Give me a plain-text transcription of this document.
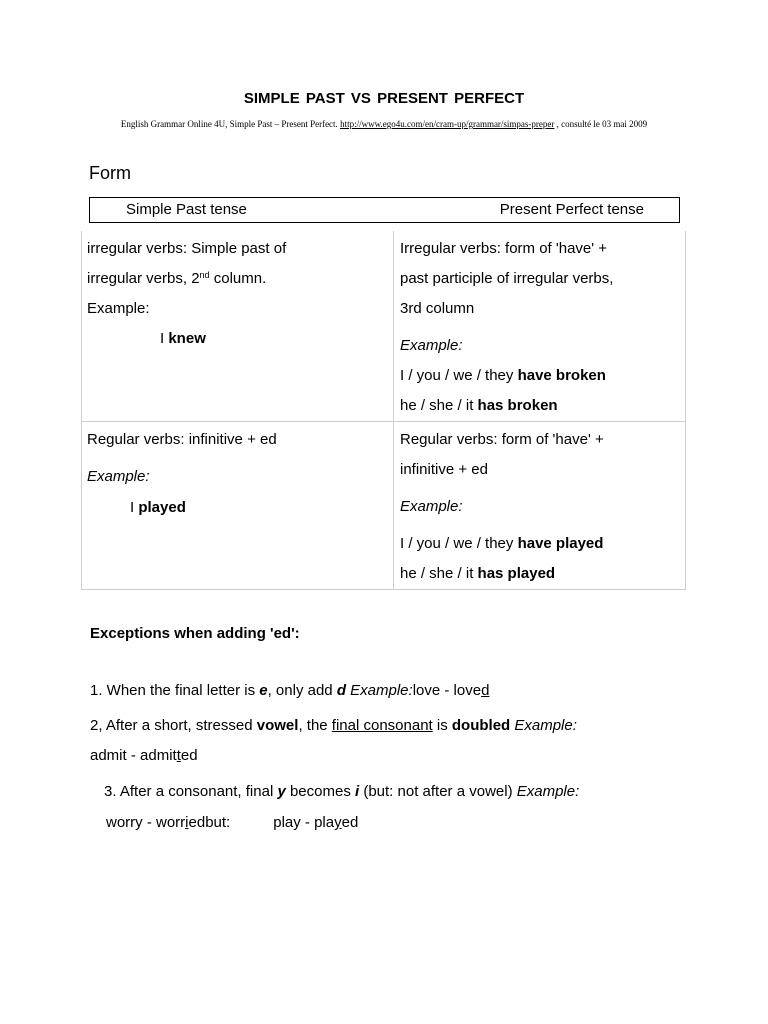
SIMPLE PAST VS PRESENT PERFECT
English Grammar Online 4U, Simple Past – Present Perfect. http://www.ego4u.com/en/cram-up/grammar/simpas-preper , consulté le 03 mai 2009
Form
Simple Past tense	Present Perfect tense
irregular verbs: Simple past of
irregular verbs, 2nd column.
Example:
I knew
Irregular verbs: form of 'have' +
past participle of irregular verbs,
3rd column
Example:
I / you / we / they have broken
he / she / it has broken
Regular verbs: infinitive + ed
Example:
I played
Regular verbs: form of 'have' +
infinitive + ed
Example:
I / you / we / they have played
he / she / it has played
Exceptions when adding 'ed':
1. When the final letter is e, only add d Example:love - loved
2, After a short, stressed vowel, the final consonant is doubled Example:
admit - admitted
3. After a consonant, final y becomes i (but: not after a vowel) Example:
worry - worriedbut:	play - played
